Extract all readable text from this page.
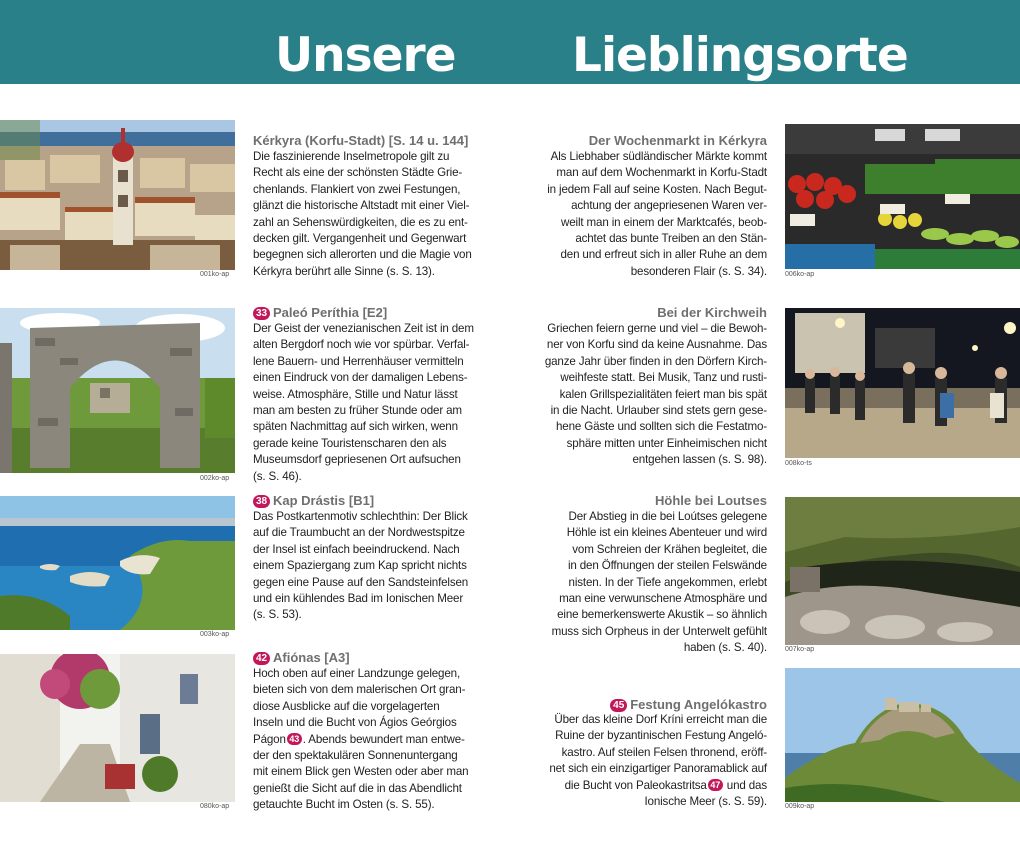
Unsere Lieblingsorte
001ko-ap
Kérkyra (Korfu-Stadt) [S. 14 u. 144]
Die faszinierende Inselmetropole gilt zu
Recht als eine der schönsten Städte Grie-
chenlands. Flankiert von zwei Festungen,
glänzt die historische Altstadt mit einer Viel-
zahl an Sehenswürdigkeiten, die es zu ent-
decken gilt. Vergangenheit und Gegenwart
begegnen sich allerorten und die Magie von
Kérkyra berührt alle Sinne (s. S. 13).
002ko-ap
33 Paleó Períthia [E2]
Der Geist der venezianischen Zeit ist in dem
alten Bergdorf noch wie vor spürbar. Verfal-
lene Bauern- und Herrenhäuser vermitteln
einen Eindruck von der damaligen Lebens-
weise. Atmosphäre, Stille und Natur lässt
man am besten zu früher Stunde oder am
späten Nachmittag auf sich wirken, wenn
gerade keine Touristenscharen den als
Museumsdorf gepriesenen Ort aufsuchen
(s. S. 46).
003ko-ap
38 Kap Drástis [B1]
Das Postkartenmotiv schlechthin: Der Blick
auf die Traumbucht an der Nordwestspitze
der Insel ist einfach beeindruckend. Nach
einem Spaziergang zum Kap spricht nichts
gegen eine Pause auf den Sandsteinfelsen
und ein kühlendes Bad im Ionischen Meer
(s. S. 53).
080ko-ap
42 Afiónas [A3]
Hoch oben auf einer Landzunge gelegen,
bieten sich von dem malerischen Ort gran-
diose Ausblicke auf die vorgelagerten
Inseln und die Bucht von Ágios Geórgios
Págon 43 . Abends bewundert man entwe-
der den spektakulären Sonnenuntergang
mit einem Blick gen Westen oder aber man
genießt die Sicht auf die in das Abendlicht
getauchte Bucht im Osten (s. S. 55).
006ko-ap
Der Wochenmarkt in Kérkyra
Als Liebhaber südländischer Märkte kommt
man auf dem Wochenmarkt in Korfu-Stadt
in jedem Fall auf seine Kosten. Nach Begut-
achtung der angepriesenen Waren ver-
weilt man in einem der Marktcafés, beob-
achtet das bunte Treiben an den Stän-
den und erfreut sich in aller Ruhe an dem
besonderen Flair (s. S. 34).
008ko-ts
Bei der Kirchweih
Griechen feiern gerne und viel – die Bewoh-
ner von Korfu sind da keine Ausnahme. Das
ganze Jahr über finden in den Dörfern Kirch-
weihfeste statt. Bei Musik, Tanz und rusti-
kalen Grillspezialitäten feiert man bis spät
in die Nacht. Urlauber sind stets gern gese-
hene Gäste und sollten sich die Festatmo-
sphäre mitten unter Einheimischen nicht
entgehen lassen (s. S. 98).
007ko-ap
Höhle bei Loutses
Der Abstieg in die bei Loútses gelegene
Höhle ist ein kleines Abenteuer und wird
vom Schreien der Krähen begleitet, die
in den Öffnungen der steilen Felswände
nisten. In der Tiefe angekommen, erlebt
man eine verwunschene Atmosphäre und
eine bemerkenswerte Akustik – so ähnlich
muss sich Orpheus in der Unterwelt gefühlt
haben (s. S. 40).
009ko-ap
45 Festung Angelókastro
Über das kleine Dorf Kríni erreicht man die
Ruine der byzantinischen Festung Angeló-
kastro. Auf steilen Felsen thronend, eröff-
net sich ein einzigartiger Panoramablick auf
die Bucht von Paleokastritsa 47 und das
Ionische Meer (s. S. 59).
